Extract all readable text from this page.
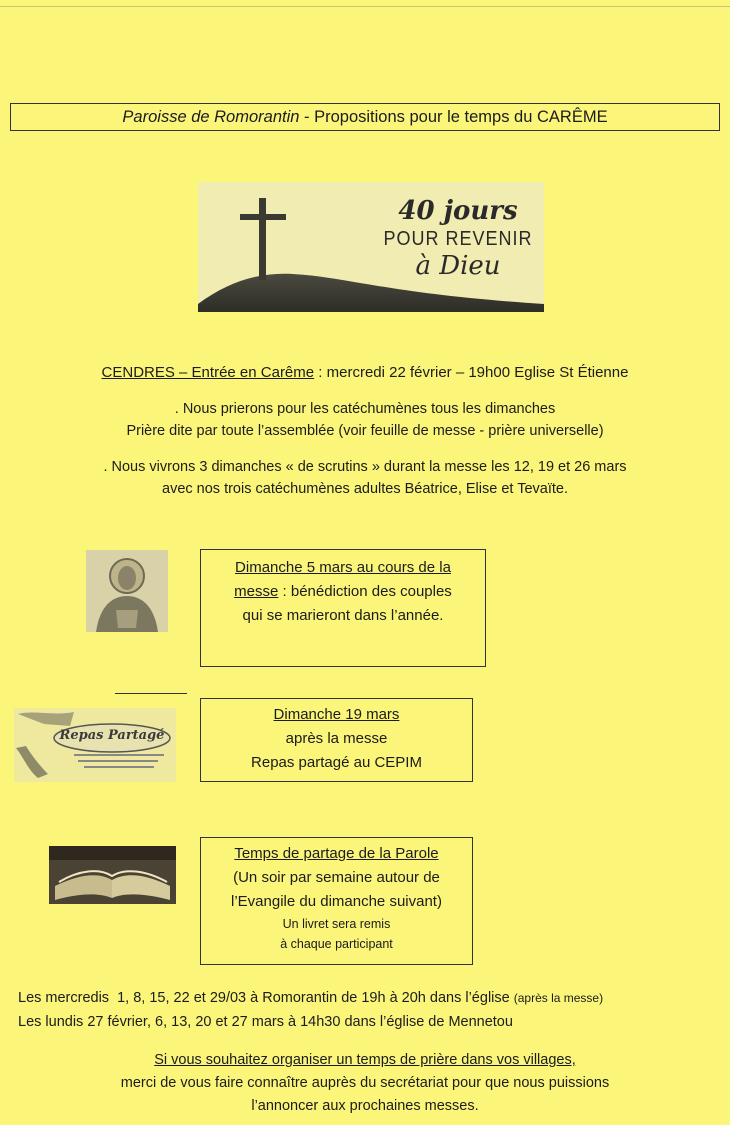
Paroisse de Romorantin - Propositions pour le temps du CARÊME
40 jours
POUR REVENIR
à Dieu
CENDRES – Entrée en Carême : mercredi 22 février – 19h00 Eglise St Étienne
. Nous prierons pour les catéchumènes tous les dimanches
Prière dite par toute l’assemblée (voir feuille de messe - prière universelle)
. Nous vivrons 3 dimanches « de scrutins » durant la messe les 12, 19 et 26 mars
avec nos trois catéchumènes adultes Béatrice, Elise et Tevaïte.
Dimanche 5 mars au cours de la
messe : bénédiction des couples
qui se marieront dans l’année.
Repas Partagé
Dimanche 19 mars
après la messe
Repas partagé au CEPIM
Temps de partage de la Parole
(Un soir par semaine autour de
l’Evangile du dimanche suivant)
Un livret sera remis
à chaque participant
Les mercredis  1, 8, 15, 22 et 29/03 à Romorantin de 19h à 20h dans l’église (après la messe)
Les lundis 27 février, 6, 13, 20 et 27 mars à 14h30 dans l’église de Mennetou
Si vous souhaitez organiser un temps de prière dans vos villages,
merci de vous faire connaître auprès du secrétariat pour que nous puissions
l’annoncer aux prochaines messes.
